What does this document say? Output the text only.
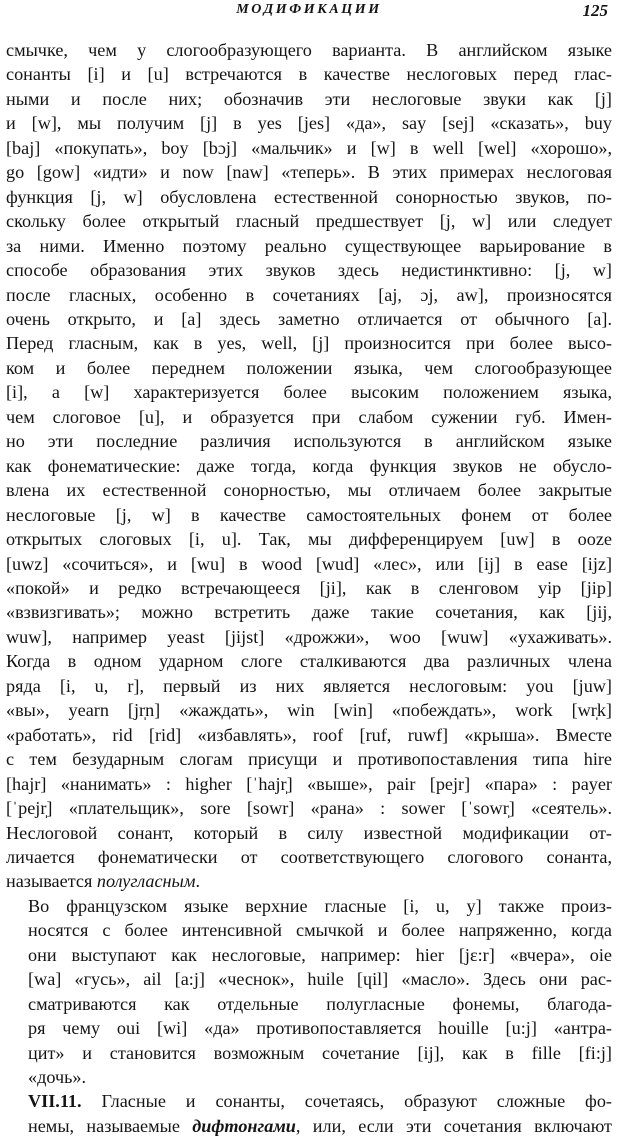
МОДИФИКАЦИИ	125

смычке, чем у слогообразующего варианта. В английском языке
сонанты [i] и [u] встречаются в качестве неслоговых перед глас-
ными и после них; обозначив эти неслоговые звуки как [j]
и [w], мы получим [j] в yes [jes] «да», say [sej] «сказать», buy
[baj] «покупать», boy [bɔj] «мальчик» и [w] в well [wel] «хорошо»,
go [gow] «идти» и now [naw] «теперь». В этих примерах неслоговая
функция [j, w] обусловлена естественной сонорностью звуков, по-
скольку более открытый гласный предшествует [j, w] или следует
за ними. Именно поэтому реально существующее варьирование в
способе образования этих звуков здесь недистинктивно: [j, w]
после гласных, особенно в сочетаниях [aj, ɔj, aw], произносятся
очень открыто, и [a] здесь заметно отличается от обычного [a].
Перед гласным, как в yes, well, [j] произносится при более высо-
ком и более переднем положении языка, чем слогообразующее
[i], а [w] характеризуется более высоким положением языка,
чем слоговое [u], и образуется при слабом сужении губ. Имен-
но эти последние различия используются в английском языке
как фонематические: даже тогда, когда функция звуков не обусло-
влена их естественной сонорностью, мы отличаем более закрытые
неслоговые [j, w] в качестве самостоятельных фонем от более
открытых слоговых [i, u]. Так, мы дифференцируем [uw] в ooze
[uwz] «сочиться», и [wu] в wood [wud] «лес», или [ij] в ease [ijz]
«покой» и редко встречающееся [ji], как в сленговом yip [jip]
«взвизгивать»; можно встретить даже такие сочетания, как [jij,
wuw], например yeast [jijst] «дрожжи», woo [wuw] «ухаживать».
Когда в одном ударном слоге сталкиваются два различных члена
ряда [i, u, r], первый из них является неслоговым: you [juw]
«вы», yearn [jr̩n] «жаждать», win [win] «побеждать», work [wr̩k]
«работать», rid [rid] «избавлять», roof [ruf, ruwf] «крыша». Вместе
с тем безударным слогам присущи и противопоставления типа hire
[hajr] «нанимать» : higher [ˈhajr̩] «выше», pair [pejr] «пара» : payer
[ˈpejr̩] «плательщик», sore [sowr] «рана» : sower [ˈsowr̩] «сеятель».
Неслоговой сонант, который в силу известной модификации от-
личается фонематически от соответствующего слогового сонанта,
называется полугласным.

Во французском языке верхние гласные [i, u, y] также произ-
носятся с более интенсивной смычкой и более напряженно, когда
они выступают как неслоговые, например: hier [jɛ:r] «вчера», oie
[wa] «гусь», ail [a:j] «чеснок», huile [ɥil] «масло». Здесь они рас-
сматриваются как отдельные полугласные фонемы, благода-
ря чему oui [wi] «да» противопоставляется houille [u:j] «антра-
цит» и становится возможным сочетание [ij], как в fille [fi:j]
«дочь».

VII.11. Гласные и сонанты, сочетаясь, образуют сложные фо-
немы, называемые дифтонгами, или, если эти сочетания включают
